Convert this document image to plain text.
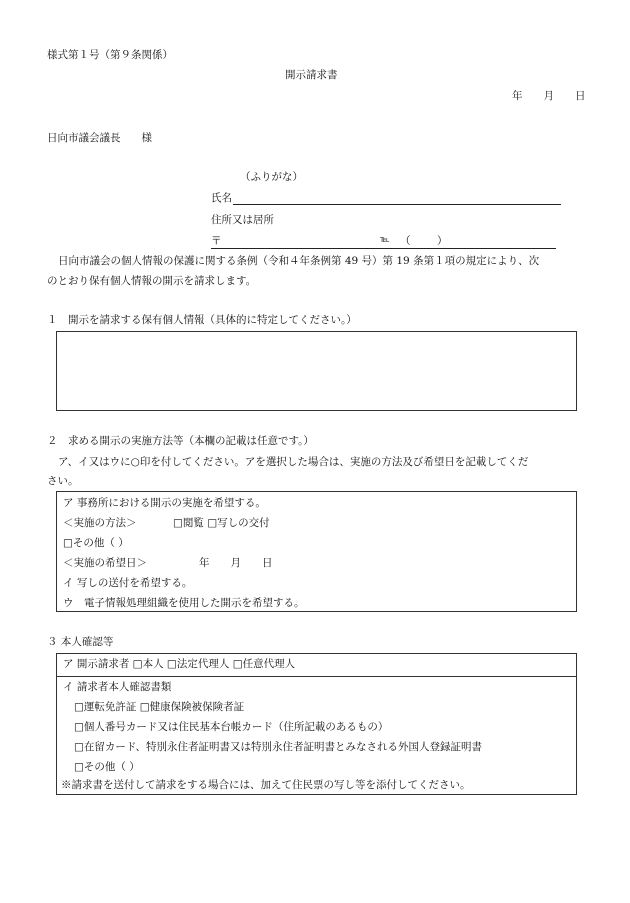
様式第１号（第９条関係）
開示請求書
年　　月　　日
日向市議会議長　　様
（ふりがな）
氏名
住所又は居所
〒	℡ （　）
日向市議会の個人情報の保護に関する条例（令和４年条例第 49 号）第 19 条第１項の規定により、次
のとおり保有個人情報の開示を請求します。
１　開示を請求する保有個人情報（具体的に特定してください。）
２　求める開示の実施方法等（本欄の記載は任意です。）
ア、イ又はウに○印を付してください。アを選択した場合は、実施の方法及び希望日を記載してくだ
さい。
ア 事務所における開示の実施を希望する。
＜実施の方法＞	□閲覧 □写しの交付
□その他（ ）
＜実施の希望日＞	年　　月　　日
イ 写しの送付を希望する。
ウ　電子情報処理組織を使用した開示を希望する。
３ 本人確認等
ア 開示請求者 □本人 □法定代理人 □任意代理人
イ 請求者本人確認書類
□運転免許証 □健康保険被保険者証
□個人番号カード又は住民基本台帳カード（住所記載のあるもの）
□在留カード、特別永住者証明書又は特別永住者証明書とみなされる外国人登録証明書
□その他（ ）
※請求書を送付して請求をする場合には、加えて住民票の写し等を添付してください。
